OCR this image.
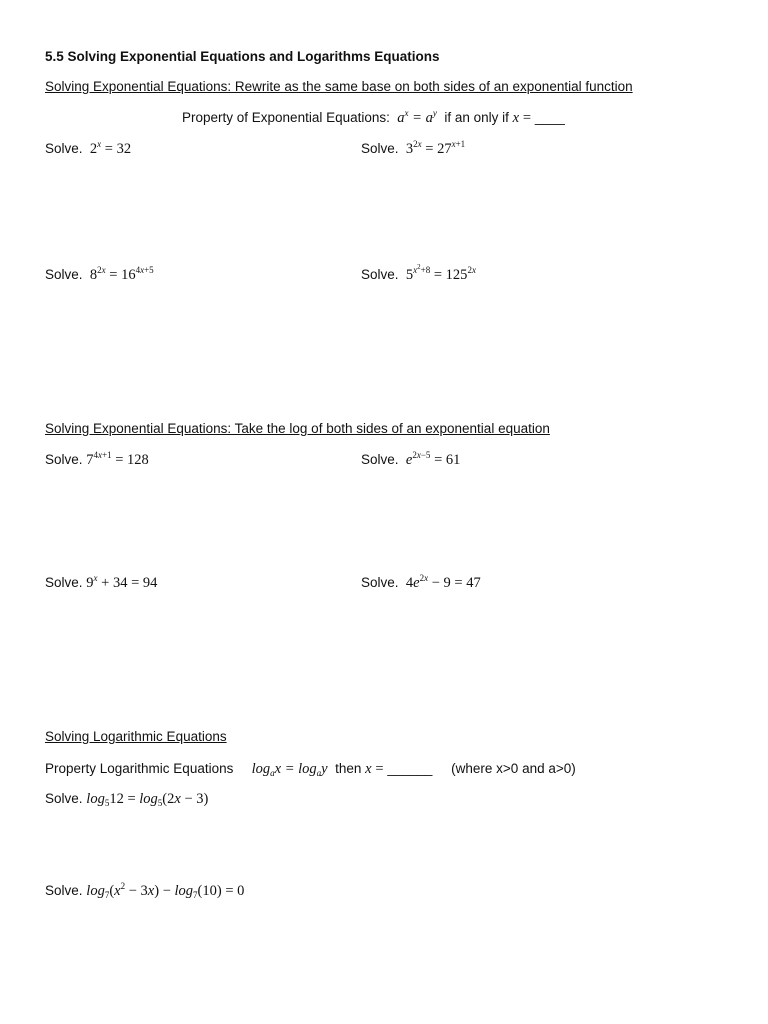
5.5 Solving Exponential Equations and Logarithms Equations
Solving Exponential Equations: Rewrite as the same base on both sides of an exponential function
Property of Exponential Equations:  $a^x = a^y$ if an only if x = ____
Solve.  $2^x = 32$	Solve.  $3^{2x} = 27^{x+1}$
Solve.  $8^{2x} = 16^{4x+5}$	Solve.  $5^{x^2+8} = 125^{2x}$
Solving Exponential Equations: Take the log of both sides of an exponential equation
Solve. $7^{4x+1} = 128$	Solve. $e^{2x-5} = 61$
Solve. $9^x + 34 = 94$	Solve.  $4e^{2x} - 9 = 47$
Solving Logarithmic Equations
Property Logarithmic Equations     $\log_ax = \log_ay$ then x = ______ (where x>0 and a>0)
Solve. $\log_512 = \log_5(2x - 3)$
Solve. $\log_7(x^2 - 3x) - \log_7(10) = 0$
